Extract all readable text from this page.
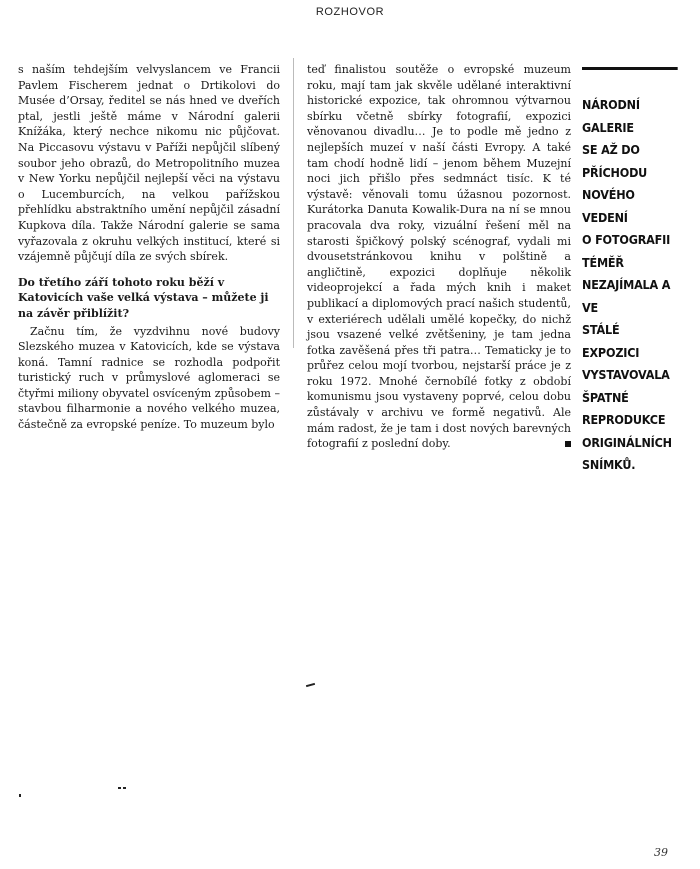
ROZHOVOR

s naším tehdejším velvyslancem ve Francii Pavlem Fischerem jednat o Drtikolovi do Musée d’Orsay, ředitel se nás hned ve dveřích ptal, jestli ještě máme v Národní galerii Knížáka, který nechce nikomu nic půjčovat. Na Piccasovu výstavu v Paříži nepůjčil slíbený soubor jeho obrazů, do Metropolitního muzea v New Yorku nepůjčil nejlepší věci na výstavu o Lucemburcích, na velkou pařížskou přehlídku abstraktního umění nepůjčil zásadní Kupkova díla. Takže Národní galerie se sama vyřazovala z okruhu velkých institucí, které si vzájemně půjčují díla ze svých sbírek.

Do třetího září tohoto roku běží v Katovicích vaše velká výstava – můžete ji na závěr přiblížit?

Začnu tím, že vyzdvihnu nové budovy Slezského muzea v Katovicích, kde se výstava koná. Tamní radnice se rozhodla podpořit turistický ruch v průmyslové aglomeraci se čtyřmi miliony obyvatel osvíceným způsobem – stavbou filharmonie a nového velkého muzea, částečně za evropské peníze. To muzeum bylo

teď finalistou soutěže o evropské muzeum roku, mají tam jak skvěle udělané interaktivní historické expozice, tak ohromnou výtvarnou sbírku včetně sbírky fotografií, expozici věnovanou divadlu… Je to podle mě jedno z nejlepších muzeí v naší části Evropy. A také tam chodí hodně lidí – jenom během Muzejní noci jich přišlo přes sedmnáct tisíc. K té výstavě: věnovali tomu úžasnou pozornost. Kurátorka Danuta Kowalik-Dura na ní se mnou pracovala dva roky, vizuální řešení měl na starosti špičkový polský scénograf, vydali mi dvousetstránkovou knihu v polštině a angličtině, expozici doplňuje několik videoprojekcí a řada mých knih i maket publikací a diplomových prací našich studentů, v exteriérech udělali umělé kopečky, do nichž jsou vsazené velké zvětšeniny, je tam jedna fotka zavěšená přes tři patra… Tematicky je to průřez celou mojí tvorbou, nejstarší práce je z roku 1972. Mnohé černobílé fotky z období komunismu jsou vystaveny poprvé, celou dobu zůstávaly v archivu ve formě negativů. Ale mám radost, že je tam i dost nových barevných fotografií z poslední doby.

NÁRODNÍ GALERIE
SE AŽ DO PŘÍCHODU
NOVÉHO VEDENÍ
O FOTOGRAFII TÉMĚŘ
NEZAJÍMALA A VE
STÁLÉ EXPOZICI
VYSTAVOVALA
ŠPATNÉ REPRODUKCE
ORIGINÁLNÍCH
SNÍMKŮ.
39
